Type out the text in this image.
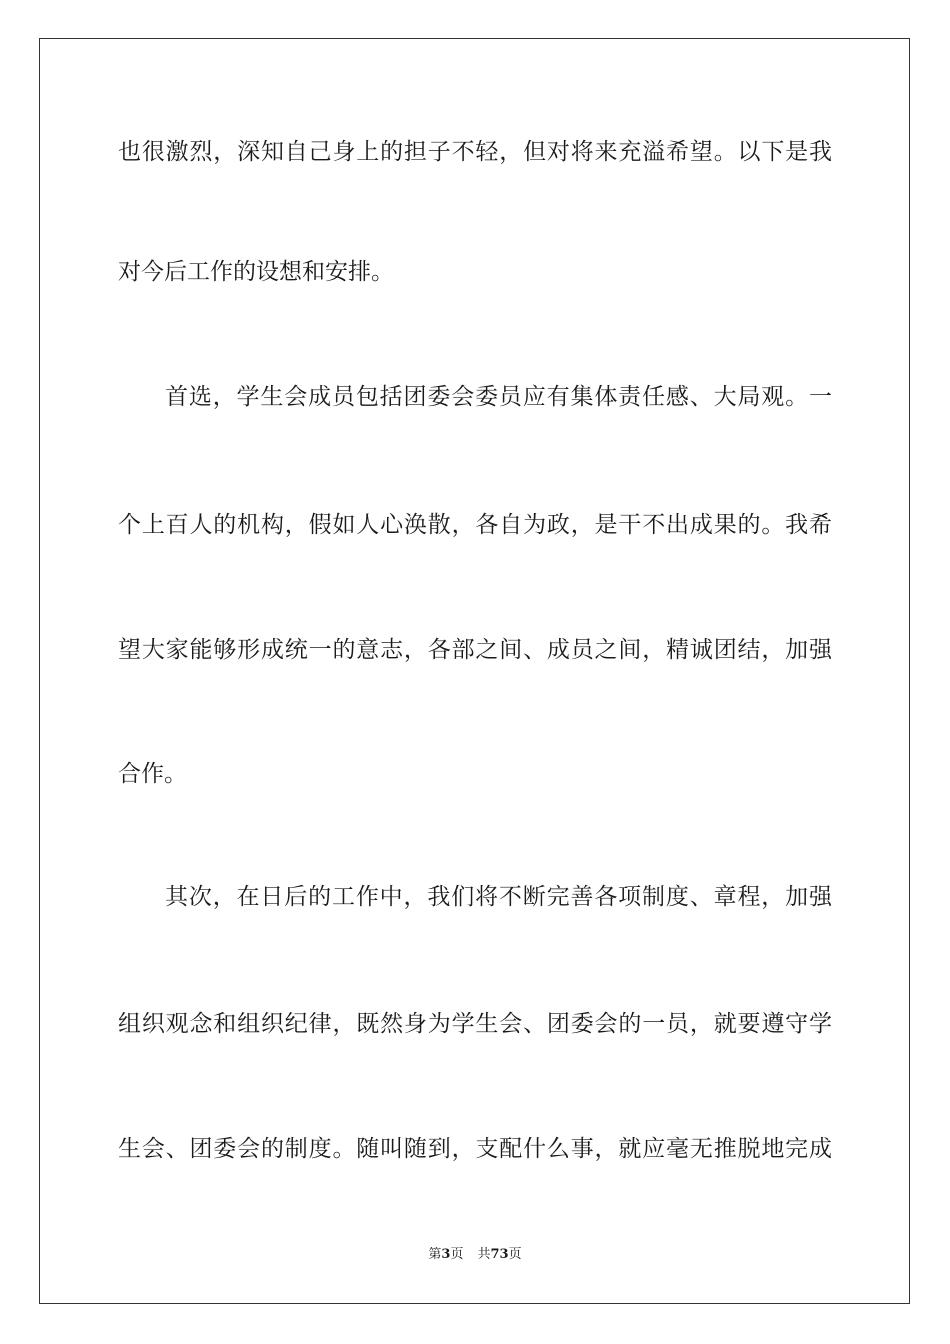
也很激烈，深知自己身上的担子不轻，但对将来充溢希望。以下是我
对今后工作的设想和安排。
首选，学生会成员包括团委会委员应有集体责任感、大局观。一
个上百人的机构，假如人心涣散，各自为政，是干不出成果的。我希
望大家能够形成统一的意志，各部之间、成员之间，精诚团结，加强
合作。
其次，在日后的工作中，我们将不断完善各项制度、章程，加强
组织观念和组织纪律，既然身为学生会、团委会的一员，就要遵守学
生会、团委会的制度。随叫随到，支配什么事，就应毫无推脱地完成
第3页 共73页
